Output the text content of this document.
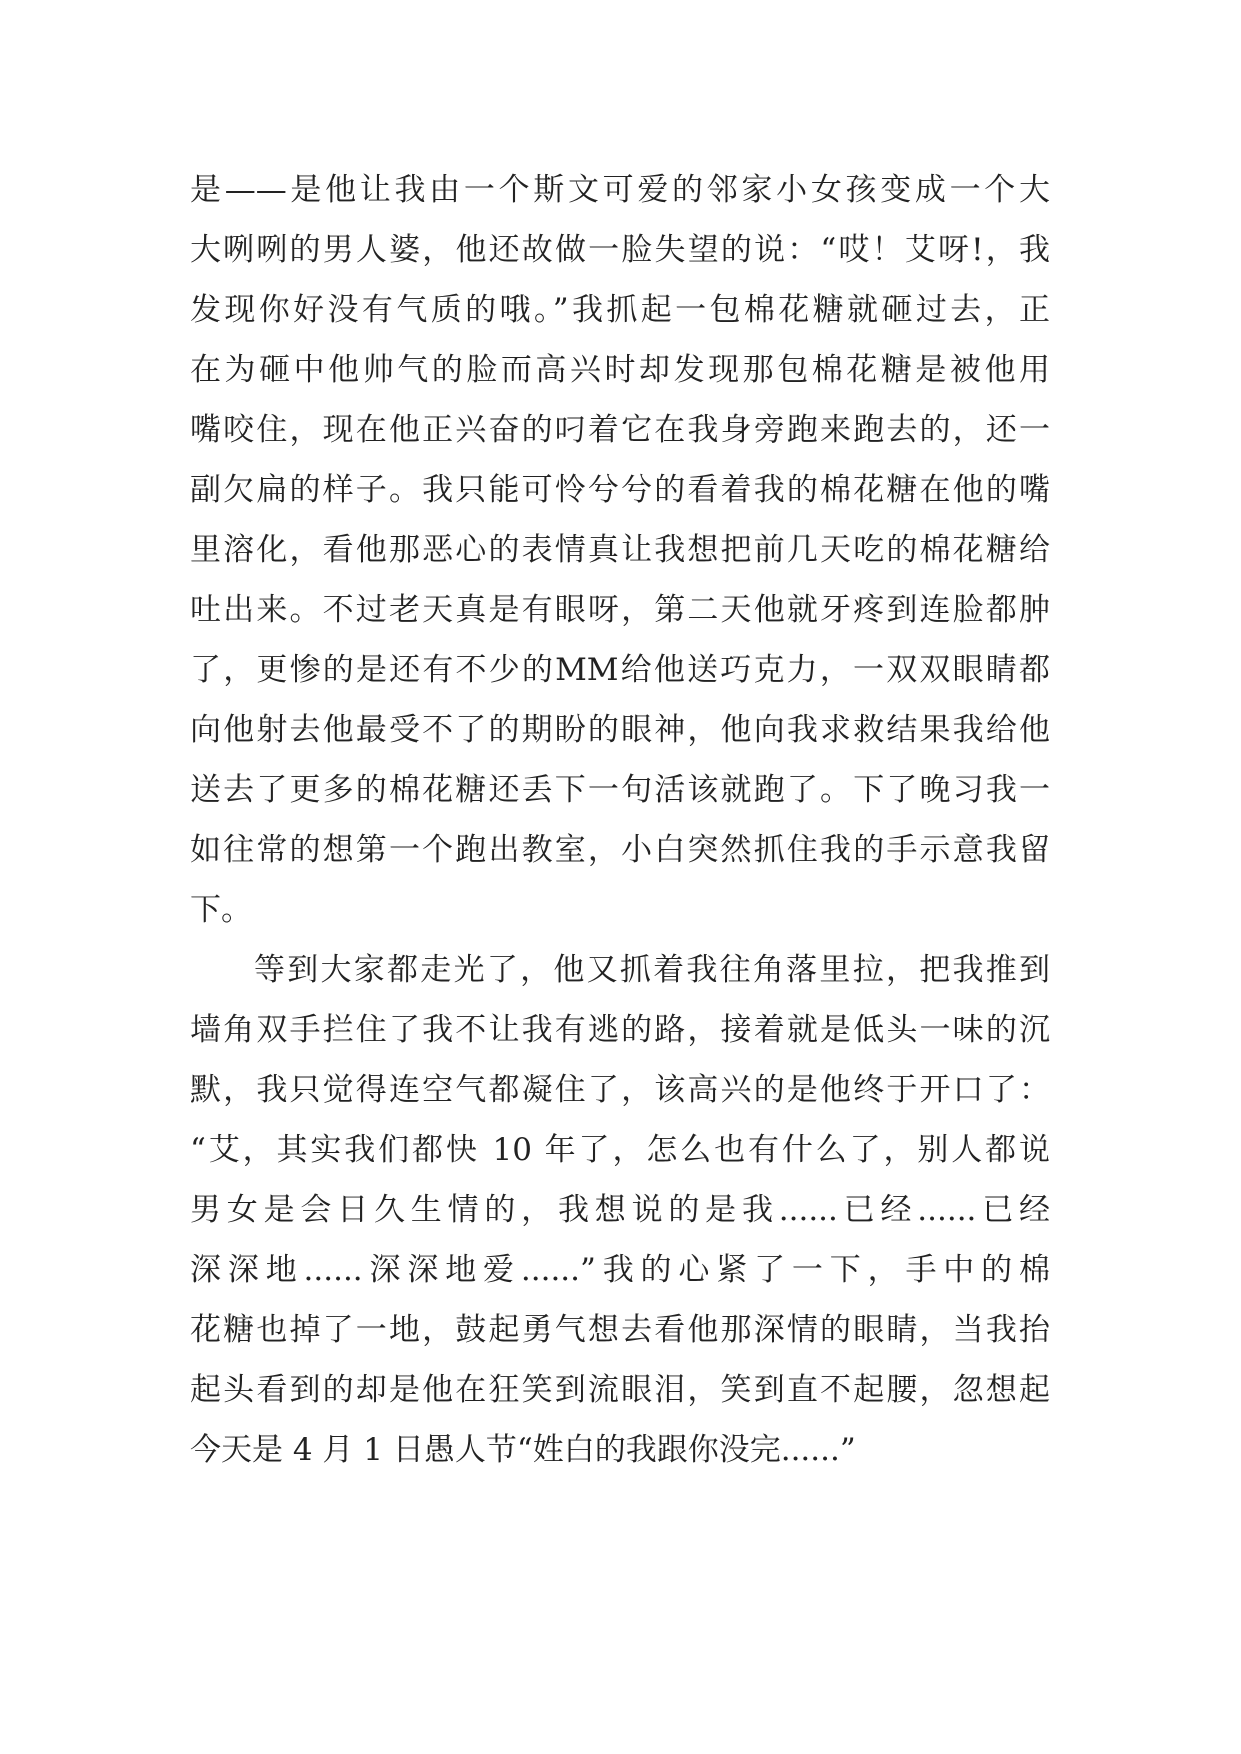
是——是他让我由一个斯文可爱的邻家小女孩变成一个大
大咧咧的男人婆，他还故做一脸失望的说：“哎！艾呀!，我
发现你好没有气质的哦。”我抓起一包棉花糖就砸过去，正
在为砸中他帅气的脸而高兴时却发现那包棉花糖是被他用
嘴咬住，现在他正兴奋的叼着它在我身旁跑来跑去的，还一
副欠扁的样子。我只能可怜兮兮的看着我的棉花糖在他的嘴
里溶化，看他那恶心的表情真让我想把前几天吃的棉花糖给
吐出来。不过老天真是有眼呀，第二天他就牙疼到连脸都肿
了，更惨的是还有不少的MM给他送巧克力，一双双眼睛都
向他射去他最受不了的期盼的眼神，他向我求救结果我给他
送去了更多的棉花糖还丢下一句活该就跑了。下了晚习我一
如往常的想第一个跑出教室，小白突然抓住我的手示意我留
下。
等到大家都走光了，他又抓着我往角落里拉，把我推到
墙角双手拦住了我不让我有逃的路，接着就是低头一味的沉
默，我只觉得连空气都凝住了，该高兴的是他终于开口了：
“艾，其实我们都快 10 年了，怎么也有什么了，别人都说
男女是会日久生情的，我想说的是我......已经......已经
深深地......深深地爱......”我的心紧了一下，手中的棉
花糖也掉了一地，鼓起勇气想去看他那深情的眼睛，当我抬
起头看到的却是他在狂笑到流眼泪，笑到直不起腰，忽想起
今天是 4 月 1 日愚人节“姓白的我跟你没完......”
